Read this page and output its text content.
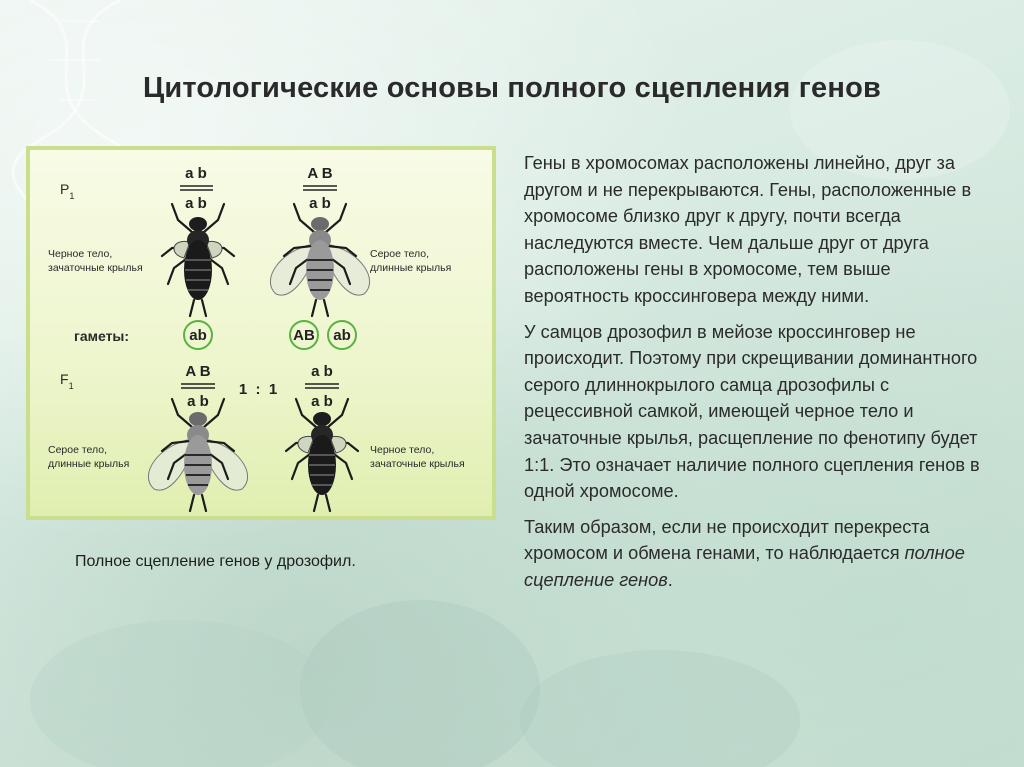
Цитологические основы полного сцепления генов
$P_1$
a b
a b
A B
a b
Черное тело,
зачаточные крылья
Серое тело,
длинные крылья
гаметы:	ab	AB ab
$F_1$
A B
a b
1  :  1
a b
a b
Серое тело,
длинные крылья
Черное тело,
зачаточные крылья
Полное сцепление генов у дрозофил.

Гены в хромосомах расположены линейно, друг за другом и не перекрываются. Гены, расположенные в хромосоме близко друг к другу, почти всегда наследуются вместе. Чем дальше друг от друга расположены гены в хромосоме, тем выше вероятность кроссинговера между ними.

У самцов дрозофил в мейозе кроссинговер не происходит. Поэтому при скрещивании доминантного серого длиннокрылого самца дрозофилы с рецессивной самкой, имеющей черное тело и зачаточные крылья, расщепление по фенотипу будет 1:1. Это означает наличие полного сцепления генов в одной хромосоме.

Таким образом, если не происходит перекреста хромосом и обмена генами, то наблюдается полное сцепление генов.
